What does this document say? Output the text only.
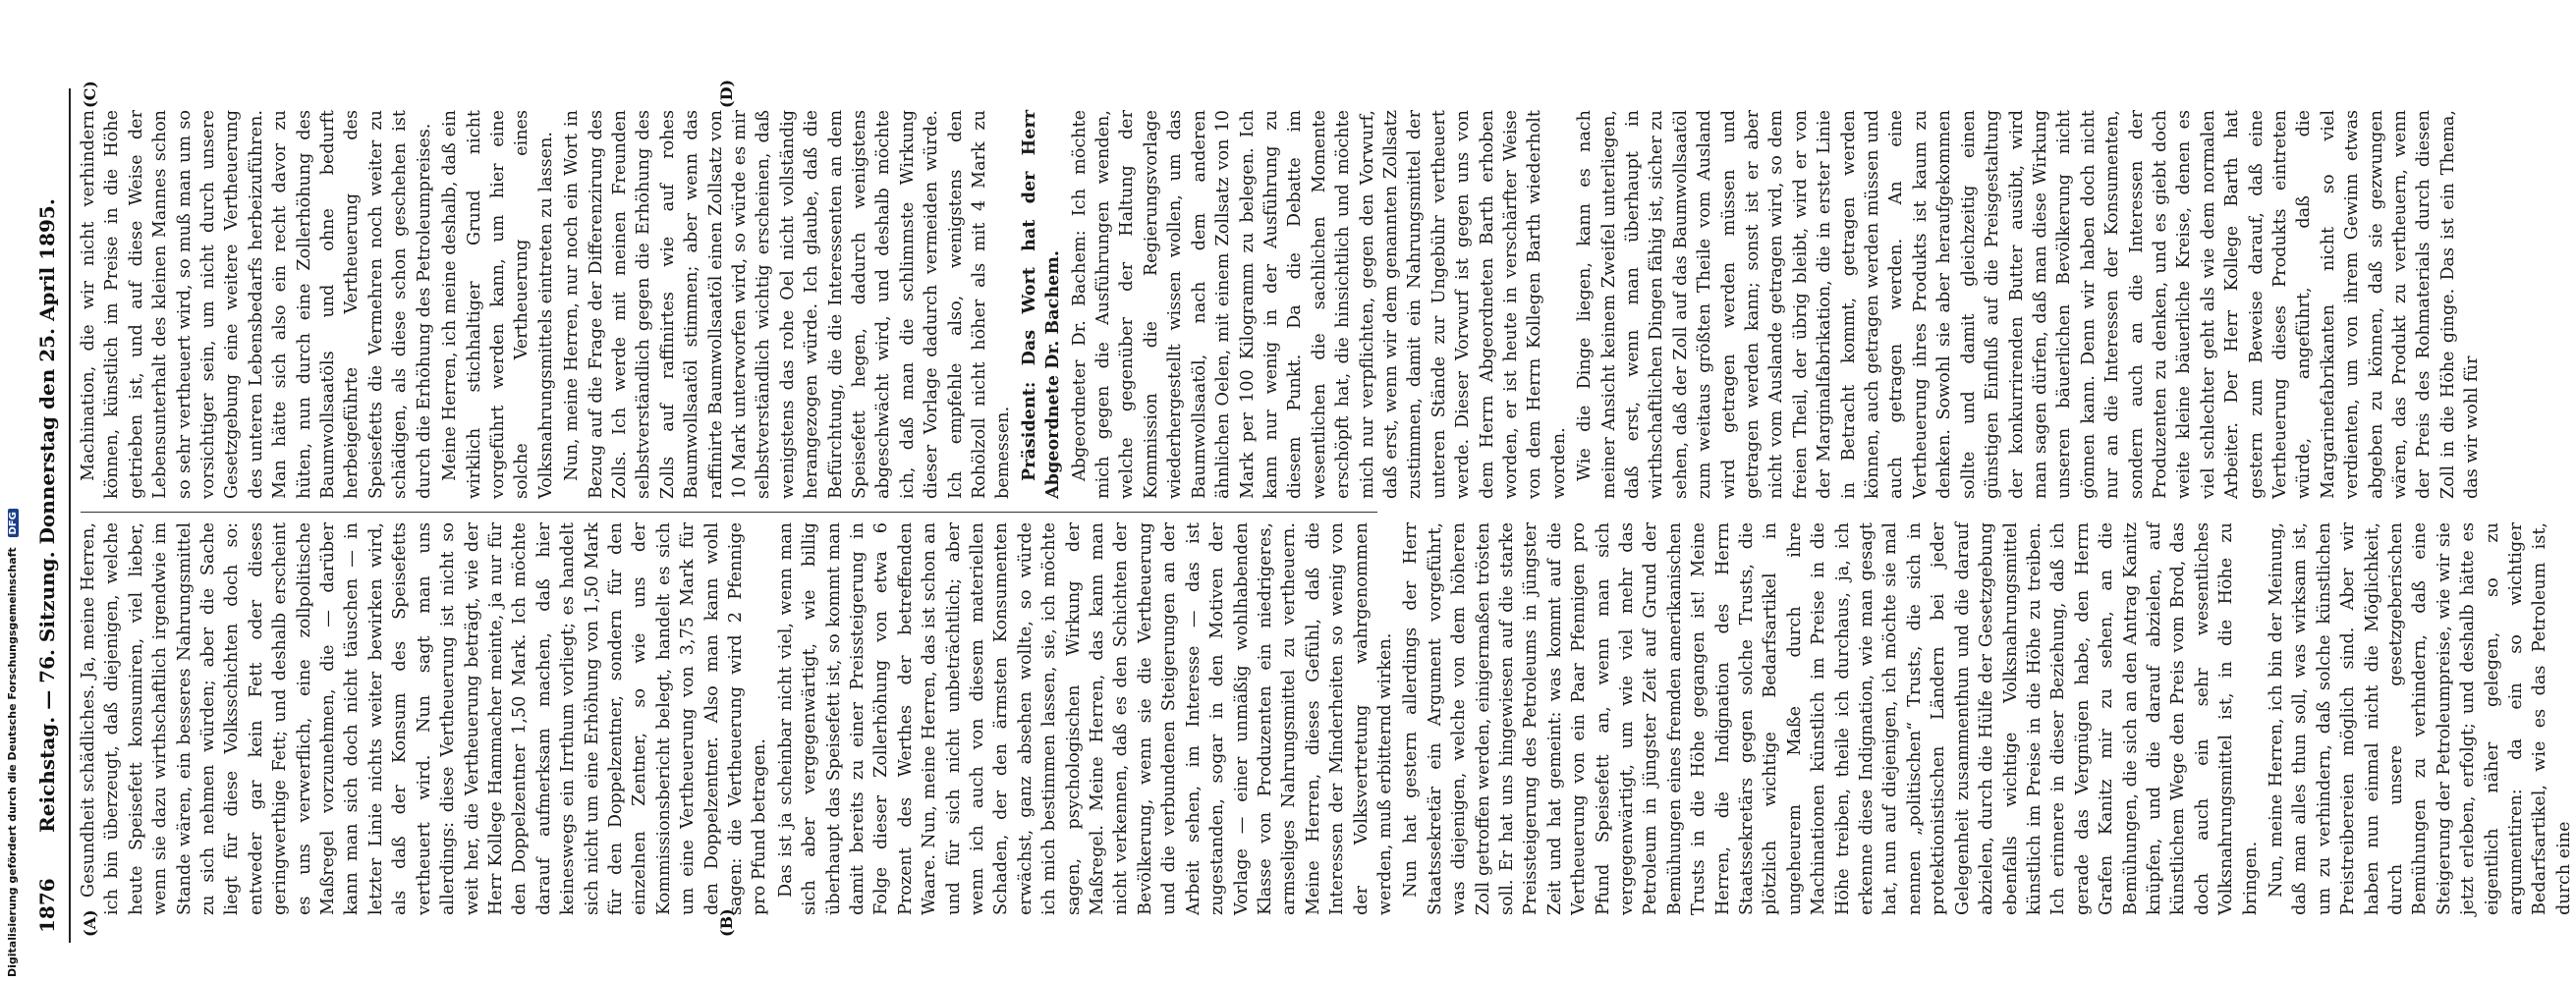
1876
Reichstag. — 76. Sitzung. Donnerstag den 25. April 1895.
(A)	(B)
(C)	(D)

Gesundheit schädliches. Ja, meine Herren, ich bin überzeugt, daß diejenigen, welche heute Speisefett konsumiren, viel lieber, wenn sie dazu wirthschaftlich irgendwie im Stande wären, ein besseres Nahrungsmittel zu sich nehmen würden; aber die Sache liegt für diese Volksschichten doch so: entweder gar kein Fett oder dieses geringwerthige Fett; und deshalb erscheint es uns verwerflich, eine zollpolitische Maßregel vorzunehmen, die — darüber kann man sich doch nicht täuschen — in letzter Linie nichts weiter bewirken wird, als daß der Konsum des Speisefetts vertheuert wird. Nun sagt man uns allerdings: diese Vertheuerung ist nicht so weit her, die Vertheuerung beträgt, wie der Herr Kollege Hammacher meinte, ja nur für den Doppelzentner 1,50 Mark. Ich möchte darauf aufmerksam machen, daß hier keineswegs ein Irrthum vorliegt; es handelt sich nicht um eine Erhöhung von 1,50 Mark für den Doppelzentner, sondern für den einzelnen Zentner, so wie uns der Kommissionsbericht belegt, handelt es sich um eine Vertheuerung von 3,75 Mark für den Doppelzentner. Also man kann wohl sagen: die Vertheuerung wird 2 Pfennige pro Pfund betragen. Das ist ja scheinbar nicht viel, wenn man sich aber vergegenwärtigt, wie billig überhaupt das Speisefett ist, so kommt man damit bereits zu einer Preissteigerung in Folge dieser Zollerhöhung von etwa 6 Prozent des Werthes der betreffenden Waare. Nun, meine Herren, das ist schon an und für sich nicht unbeträchtlich; aber wenn ich auch von diesem materiellen Schaden, der den ärmsten Konsumenten erwächst, ganz absehen wollte, so würde ich mich bestimmen lassen, sie, ich möchte sagen, psychologischen Wirkung der Maßregel. Meine Herren, das kann man nicht verkennen, daß es den Schichten der Bevölkerung, wenn sie die Vertheuerung und die verbundenen Steigerungen an der Arbeit sehen, im Interesse — das ist zugestanden, sogar in den Motiven der Vorlage — einer unmäßig wohlhabenden Klasse von Produzenten ein niedrigeres, armseliges Nahrungsmittel zu vertheuern. Meine Herren, dieses Gefühl, daß die Interessen der Minderheiten so wenig von der Volksvertretung wahrgenommen werden, muß erbitternd wirken. Nun hat gestern allerdings der Herr Staatssekretär ein Argument vorgeführt, was diejenigen, welche von dem höheren Zoll getroffen werden, einigermaßen trösten soll. Er hat uns hingewiesen auf die starke Preissteigerung des Petroleums in jüngster Zeit und hat gemeint: was kommt auf die Vertheuerung von ein Paar Pfennigen pro Pfund Speisefett an, wenn man sich vergegenwärtigt, um wie viel mehr das Petroleum in jüngster Zeit auf Grund der Bemühungen eines fremden amerikanischen Trusts in die Höhe gegangen ist! Meine Herren, die Indignation des Herrn Staatssekretärs gegen solche Trusts, die plötzlich wichtige Bedarfsartikel in ungeheurem Maße durch ihre Machinationen künstlich im Preise in die Höhe treiben, theile ich durchaus, ja, ich erkenne diese Indignation, wie man gesagt hat, nun auf diejenigen, ich möchte sie mal nennen „politischen“ Trusts, die sich in protektionistischen Ländern bei jeder Gelegenheit zusammenthun und die darauf abzielen, durch die Hülfe der Gesetzgebung ebenfalls wichtige Volksnahrungsmittel künstlich im Preise in die Höhe zu treiben. Ich erinnere in dieser Beziehung, daß ich gerade das Vergnügen habe, den Herrn Grafen Kanitz mir zu sehen, an die Bemühungen, die sich an den Antrag Kanitz knüpfen, und die darauf abzielen, auf künstlichem Wege den Preis vom Brod, das doch auch ein sehr wesentliches Volksnahrungsmittel ist, in die Höhe zu bringen. Nun, meine Herren, ich bin der Meinung, daß man alles thun soll, was wirksam ist, um zu verhindern, daß solche künstlichen Preistreibereien möglich sind. Aber wir haben nun einmal nicht die Möglichkeit, durch unsere gesetzgeberischen Bemühungen zu verhindern, daß eine Steigerung der Petroleumpreise, wie wir sie jetzt erleben, erfolgt; und deshalb hätte es eigentlich näher gelegen, so zu argumentiren: da ein so wichtiger Bedarfsartikel, wie es das Petroleum ist, durch eine

Machination, die wir nicht verhindern können, künstlich im Preise in die Höhe getrieben ist, und auf diese Weise der Lebensunterhalt des kleinen Mannes schon so sehr vertheuert wird, so muß man um so vorsichtiger sein, um nicht durch unsere Gesetzgebung eine weitere Vertheuerung des unteren Lebensbedarfs herbeizuführen. Man hätte sich also ein recht davor zu hüten, nun durch eine Zollerhöhung des Baumwollsaatöls und ohne bedurft herbeigeführte Vertheuerung des Speisefetts die Vermehren noch weiter zu schädigen, als diese schon geschehen ist durch die Erhöhung des Petroleumpreises. Meine Herren, ich meine deshalb, daß ein wirklich stichhaltiger Grund nicht vorgeführt werden kann, um hier eine solche Vertheuerung eines Volksnahrungsmittels eintreten zu lassen. Nun, meine Herren, nur noch ein Wort in Bezug auf die Frage der Differenzirung des Zolls. Ich werde mit meinen Freunden selbstverständlich gegen die Erhöhung des Zolls auf raffinirtes wie auf rohes Baumwollsaatöl stimmen; aber wenn das raffinirte Baumwollsaatöl einen Zollsatz von 10 Mark unterworfen wird, so würde es mir selbstverständlich wichtig erscheinen, daß wenigstens das rohe Oel nicht vollständig herangezogen würde. Ich glaube, daß die Befürchtung, die die Interessenten an dem Speisefett hegen, dadurch wenigstens abgeschwächt wird, und deshalb möchte ich, daß man die schlimmste Wirkung dieser Vorlage dadurch vermeiden würde. Ich empfehle also, wenigstens den Rohölzoll nicht höher als mit 4 Mark zu bemessen. Präsident: Das Wort hat der Herr Abgeordnete Dr. Bachem. Abgeordneter Dr. Bachem: Ich möchte mich gegen die Ausführungen wenden, welche gegenüber der Haltung der Kommission die Regierungsvorlage wiederhergestellt wissen wollen, um das Baumwollsaatöl, nach dem anderen ähnlichen Oelen, mit einem Zollsatz von 10 Mark per 100 Kilogramm zu belegen. Ich kann nur wenig in der Ausführung zu diesem Punkt. Da die Debatte im wesentlichen die sachlichen Momente erschöpft hat, die hinsichtlich und möchte mich nur verpflichten, gegen den Vorwurf, daß erst, wenn wir dem genannten Zollsatz zustimmen, damit ein Nahrungsmittel der unteren Stände zur Ungebühr vertheuert werde. Dieser Vorwurf ist gegen uns von dem Herrn Abgeordneten Barth erhoben worden, er ist heute in verschärfter Weise von dem Herrn Kollegen Barth wiederholt worden. Wie die Dinge liegen, kann es nach meiner Ansicht keinem Zweifel unterliegen, daß erst, wenn man überhaupt in wirthschaftlichen Dingen fähig ist, sicher zu sehen, daß der Zoll auf das Baumwollsaatöl zum weitaus größten Theile vom Ausland wird getragen werden müssen und getragen werden kann; sonst ist er aber nicht vom Auslande getragen wird, so dem freien Theil, der übrig bleibt, wird er von der Marginalfabrikation, die in erster Linie in Betracht kommt, getragen werden können, auch getragen werden müssen und auch getragen werden. An eine Vertheuerung ihres Produkts ist kaum zu denken. Sowohl sie aber heraufgekommen sollte und damit gleichzeitig einen günstigen Einfluß auf die Preisgestaltung der konkurrirenden Butter ausübt, wird man sagen dürfen, daß man diese Wirkung unseren bäuerlichen Bevölkerung nicht gönnen kann. Denn wir haben doch nicht nur an die Interessen der Konsumenten, sondern auch an die Interessen der Produzenten zu denken, und es giebt doch weite kleine bäuerliche Kreise, denen es viel schlechter geht als wie dem normalen Arbeiter. Der Herr Kollege Barth hat gestern zum Beweise darauf, daß eine Vertheuerung dieses Produkts eintreten würde, angeführt, daß die Margarinefabrikanten nicht so viel verdienten, um von ihrem Gewinn etwas abgeben zu können, daß sie gezwungen wären, das Produkt zu vertheuern, wenn der Preis des Rohmaterials durch diesen Zoll in die Höhe ginge. Das ist ein Thema, das wir wohl für

Digitalisierung gefördert durch die Deutsche Forschungsgemeinschaft DFG
